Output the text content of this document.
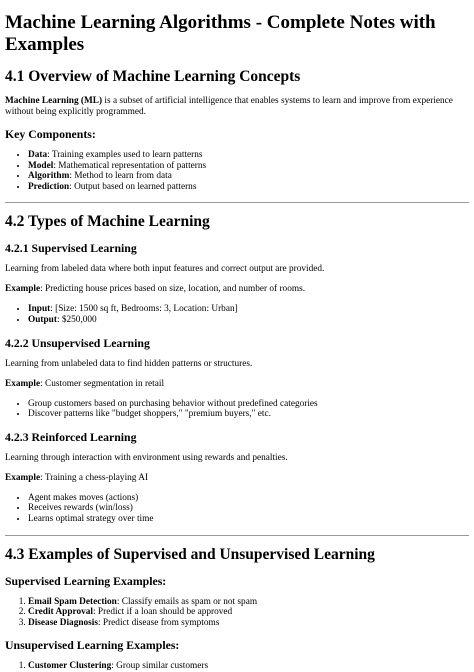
Machine Learning Algorithms - Complete Notes with Examples
4.1 Overview of Machine Learning Concepts

Machine Learning (ML) is a subset of artificial intelligence that enables systems to learn and improve from experience without being explicitly programmed.

Key Components:
• Data: Training examples used to learn patterns
• Model: Mathematical representation of patterns
• Algorithm: Method to learn from data
• Prediction: Output based on learned patterns
4.2 Types of Machine Learning
4.2.1 Supervised Learning

Learning from labeled data where both input features and correct output are provided.

Example: Predicting house prices based on size, location, and number of rooms.

• Input: [Size: 1500 sq ft, Bedrooms: 3, Location: Urban]
• Output: $250,000
4.2.2 Unsupervised Learning

Learning from unlabeled data to find hidden patterns or structures.

Example: Customer segmentation in retail

• Group customers based on purchasing behavior without predefined categories
• Discover patterns like "budget shoppers," "premium buyers," etc.
4.2.3 Reinforced Learning

Learning through interaction with environment using rewards and penalties.

Example: Training a chess-playing AI

• Agent makes moves (actions)
• Receives rewards (win/loss)
• Learns optimal strategy over time
4.3 Examples of Supervised and Unsupervised Learning
Supervised Learning Examples:
1. Email Spam Detection: Classify emails as spam or not spam
2. Credit Approval: Predict if a loan should be approved
3. Disease Diagnosis: Predict disease from symptoms
Unsupervised Learning Examples:
1. Customer Clustering: Group similar customers
